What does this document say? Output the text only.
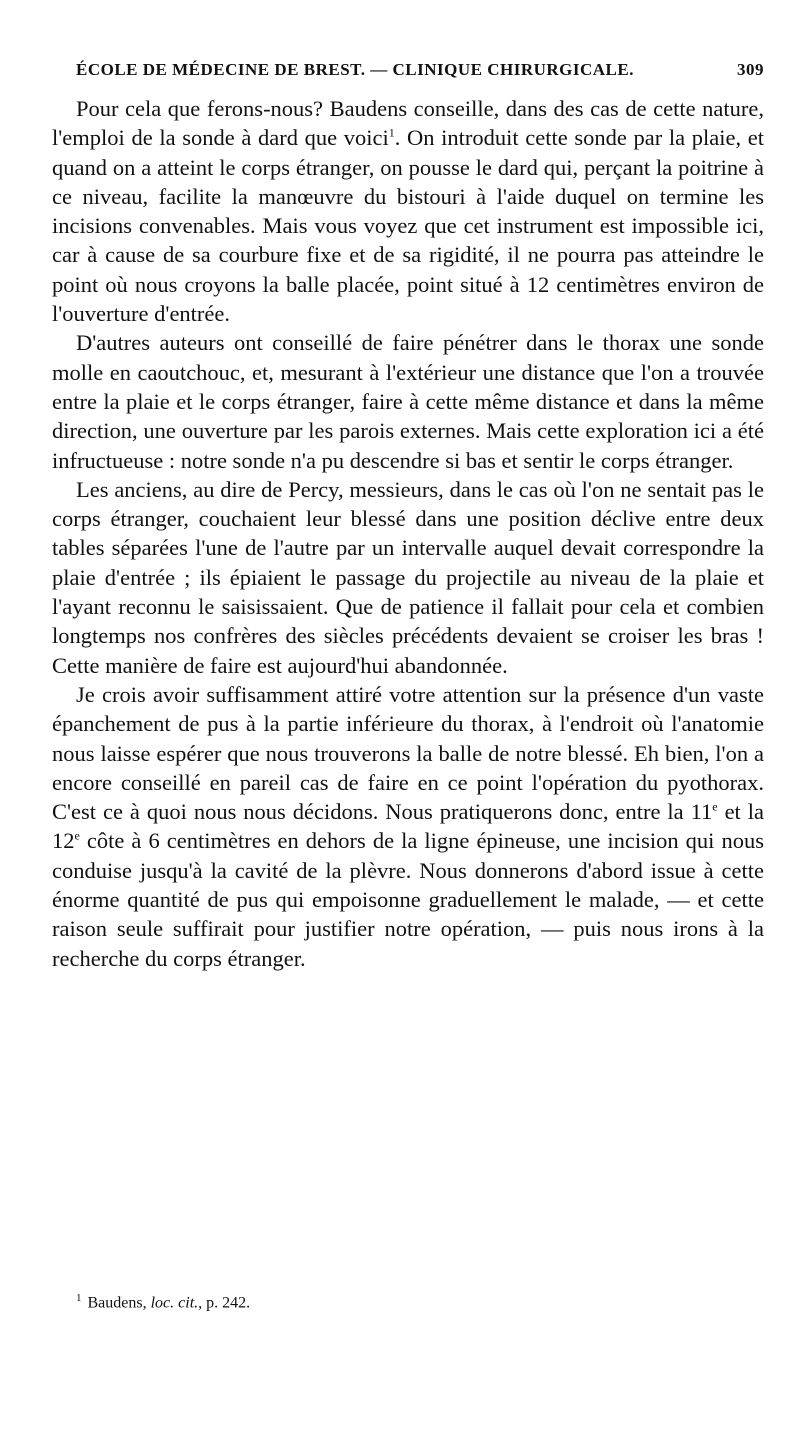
ÉCOLE DE MÉDECINE DE BREST. — CLINIQUE CHIRURGICALE.	309

Pour cela que ferons-nous? Baudens conseille, dans des cas de cette nature, l'emploi de la sonde à dard que voici$^1$. On introduit cette sonde par la plaie, et quand on a atteint le corps étranger, on pousse le dard qui, perçant la poitrine à ce niveau, facilite la manœuvre du bistouri à l'aide duquel on termine les incisions convenables. Mais vous voyez que cet instrument est impossible ici, car à cause de sa courbure fixe et de sa rigidité, il ne pourra pas atteindre le point où nous croyons la balle placée, point situé à 12 centimètres environ de l'ouverture d'entrée.

D'autres auteurs ont conseillé de faire pénétrer dans le thorax une sonde molle en caoutchouc, et, mesurant à l'extérieur une distance que l'on a trouvée entre la plaie et le corps étranger, faire à cette même distance et dans la même direction, une ouverture par les parois externes. Mais cette exploration ici a été infructueuse : notre sonde n'a pu descendre si bas et sentir le corps étranger.

Les anciens, au dire de Percy, messieurs, dans le cas où l'on ne sentait pas le corps étranger, couchaient leur blessé dans une position déclive entre deux tables séparées l'une de l'autre par un intervalle auquel devait correspondre la plaie d'entrée ; ils épiaient le passage du projectile au niveau de la plaie et l'ayant reconnu le saisissaient. Que de patience il fallait pour cela et combien longtemps nos confrères des siècles précédents devaient se croiser les bras ! Cette manière de faire est aujourd'hui abandonnée.

Je crois avoir suffisamment attiré votre attention sur la présence d'un vaste épanchement de pus à la partie inférieure du thorax, à l'endroit où l'anatomie nous laisse espérer que nous trouverons la balle de notre blessé. Eh bien, l'on a encore conseillé en pareil cas de faire en ce point l'opération du pyothorax. C'est ce à quoi nous nous décidons. Nous pratiquerons donc, entre la 11e et la 12e côte à 6 centimètres en dehors de la ligne épineuse, une incision qui nous conduise jusqu'à la cavité de la plèvre. Nous donnerons d'abord issue à cette énorme quantité de pus qui empoisonne graduellement le malade, — et cette raison seule suffirait pour justifier notre opération, — puis nous irons à la recherche du corps étranger.

$^1$ Baudens, loc. cit., p. 242.
